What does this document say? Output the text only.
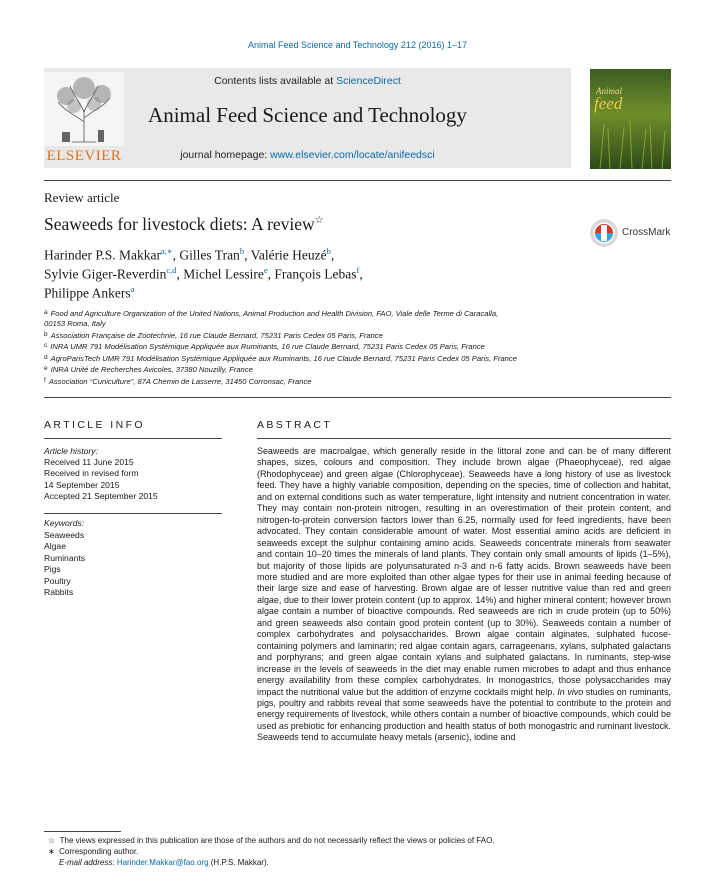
Animal Feed Science and Technology 212 (2016) 1–17
ELSEVIER
Contents lists available at ScienceDirect
Animal Feed Science and Technology
journal homepage: www.elsevier.com/locate/anifeedsci
Animal
feed
Review article
Seaweeds for livestock diets: A review☆
CrossMark
Harinder P.S. Makkar$^{a,∗}$, Gilles Tran$^b$, Valérie Heuzé$^b$,
Sylvie Giger-Reverdin$^{c,d}$, Michel Lessire$^e$, François Lebas$^f$,
Philippe Ankers$^a$
a Food and Agriculture Organization of the United Nations, Animal Production and Health Division, FAO, Viale delle Terme di Caracalla,
00153 Roma, Italy
b Association Française de Zootechnie, 16 rue Claude Bernard, 75231 Paris Cedex 05 Paris, France
c INRA UMR 791 Modélisation Systémique Appliquée aux Ruminants, 16 rue Claude Bernard, 75231 Paris Cedex 05 Paris, France
d AgroParisTech UMR 791 Modélisation Systémique Appliquée aux Ruminants, 16 rue Claude Bernard, 75231 Paris Cedex 05 Paris, France
e INRA Unité de Recherches Avicoles, 37380 Nouzilly, France
f Association “Cuniculture”, 87A Chemin de Lasserre, 31450 Corronsac, France
ARTICLE INFO
Article history:
Received 11 June 2015
Received in revised form
14 September 2015
Accepted 21 September 2015
Keywords:
Seaweeds
Algae
Ruminants
Pigs
Poultry
Rabbits
ABSTRACT
Seaweeds are macroalgae, which generally reside in the littoral zone and can be of many different shapes, sizes, colours and composition. They include brown algae (Phaeophyceae), red algae (Rhodophyceae) and green algae (Chlorophyceae). Seaweeds have a long history of use as livestock feed. They have a highly variable composition, depending on the species, time of collection and habitat, and on external conditions such as water temperature, light intensity and nutrient concentration in water. They may contain non-protein nitrogen, resulting in an overestimation of their protein content, and nitrogen-to-protein conversion factors lower than 6.25, normally used for feed ingredients, have been advocated. They contain considerable amount of water. Most essential amino acids are deficient in seaweeds except the sulphur containing amino acids. Seaweeds concentrate minerals from seawater and contain 10–20 times the minerals of land plants. They contain only small amounts of lipids (1–5%), but majority of those lipids are polyunsaturated n-3 and n-6 fatty acids. Brown seaweeds have been more studied and are more exploited than other algae types for their use in animal feeding because of their large size and ease of harvesting. Brown algae are of lesser nutritive value than red and green algae, due to their lower protein content (up to approx. 14%) and higher mineral content; however brown algae contain a number of bioactive compounds. Red seaweeds are rich in crude protein (up to 50%) and green seaweeds also contain good protein content (up to 30%). Seaweeds contain a number of complex carbohydrates and polysaccharides. Brown algae contain alginates, sulphated fucose-containing polymers and laminarin; red algae contain agars, carrageenans, xylans, sulphated galactans and porphyrans; and green algae contain xylans and sulphated galactans. In ruminants, step-wise increase in the levels of seaweeds in the diet may enable rumen microbes to adapt and thus enhance energy availability from these complex carbohydrates. In monogastrics, those polysaccharides may impact the nutritional value but the addition of enzyme cocktails might help. In vivo studies on ruminants, pigs, poultry and rabbits reveal that some seaweeds have the potential to contribute to the protein and energy requirements of livestock, while others contain a number of bioactive compounds, which could be used as prebiotic for enhancing production and health status of both monogastric and ruminant livestock. Seaweeds tend to accumulate heavy metals (arsenic), iodine and
☆ The views expressed in this publication are those of the authors and do not necessarily reflect the views or policies of FAO.
∗ Corresponding author.
E-mail address: Harinder.Makkar@fao.org (H.P.S. Makkar).
